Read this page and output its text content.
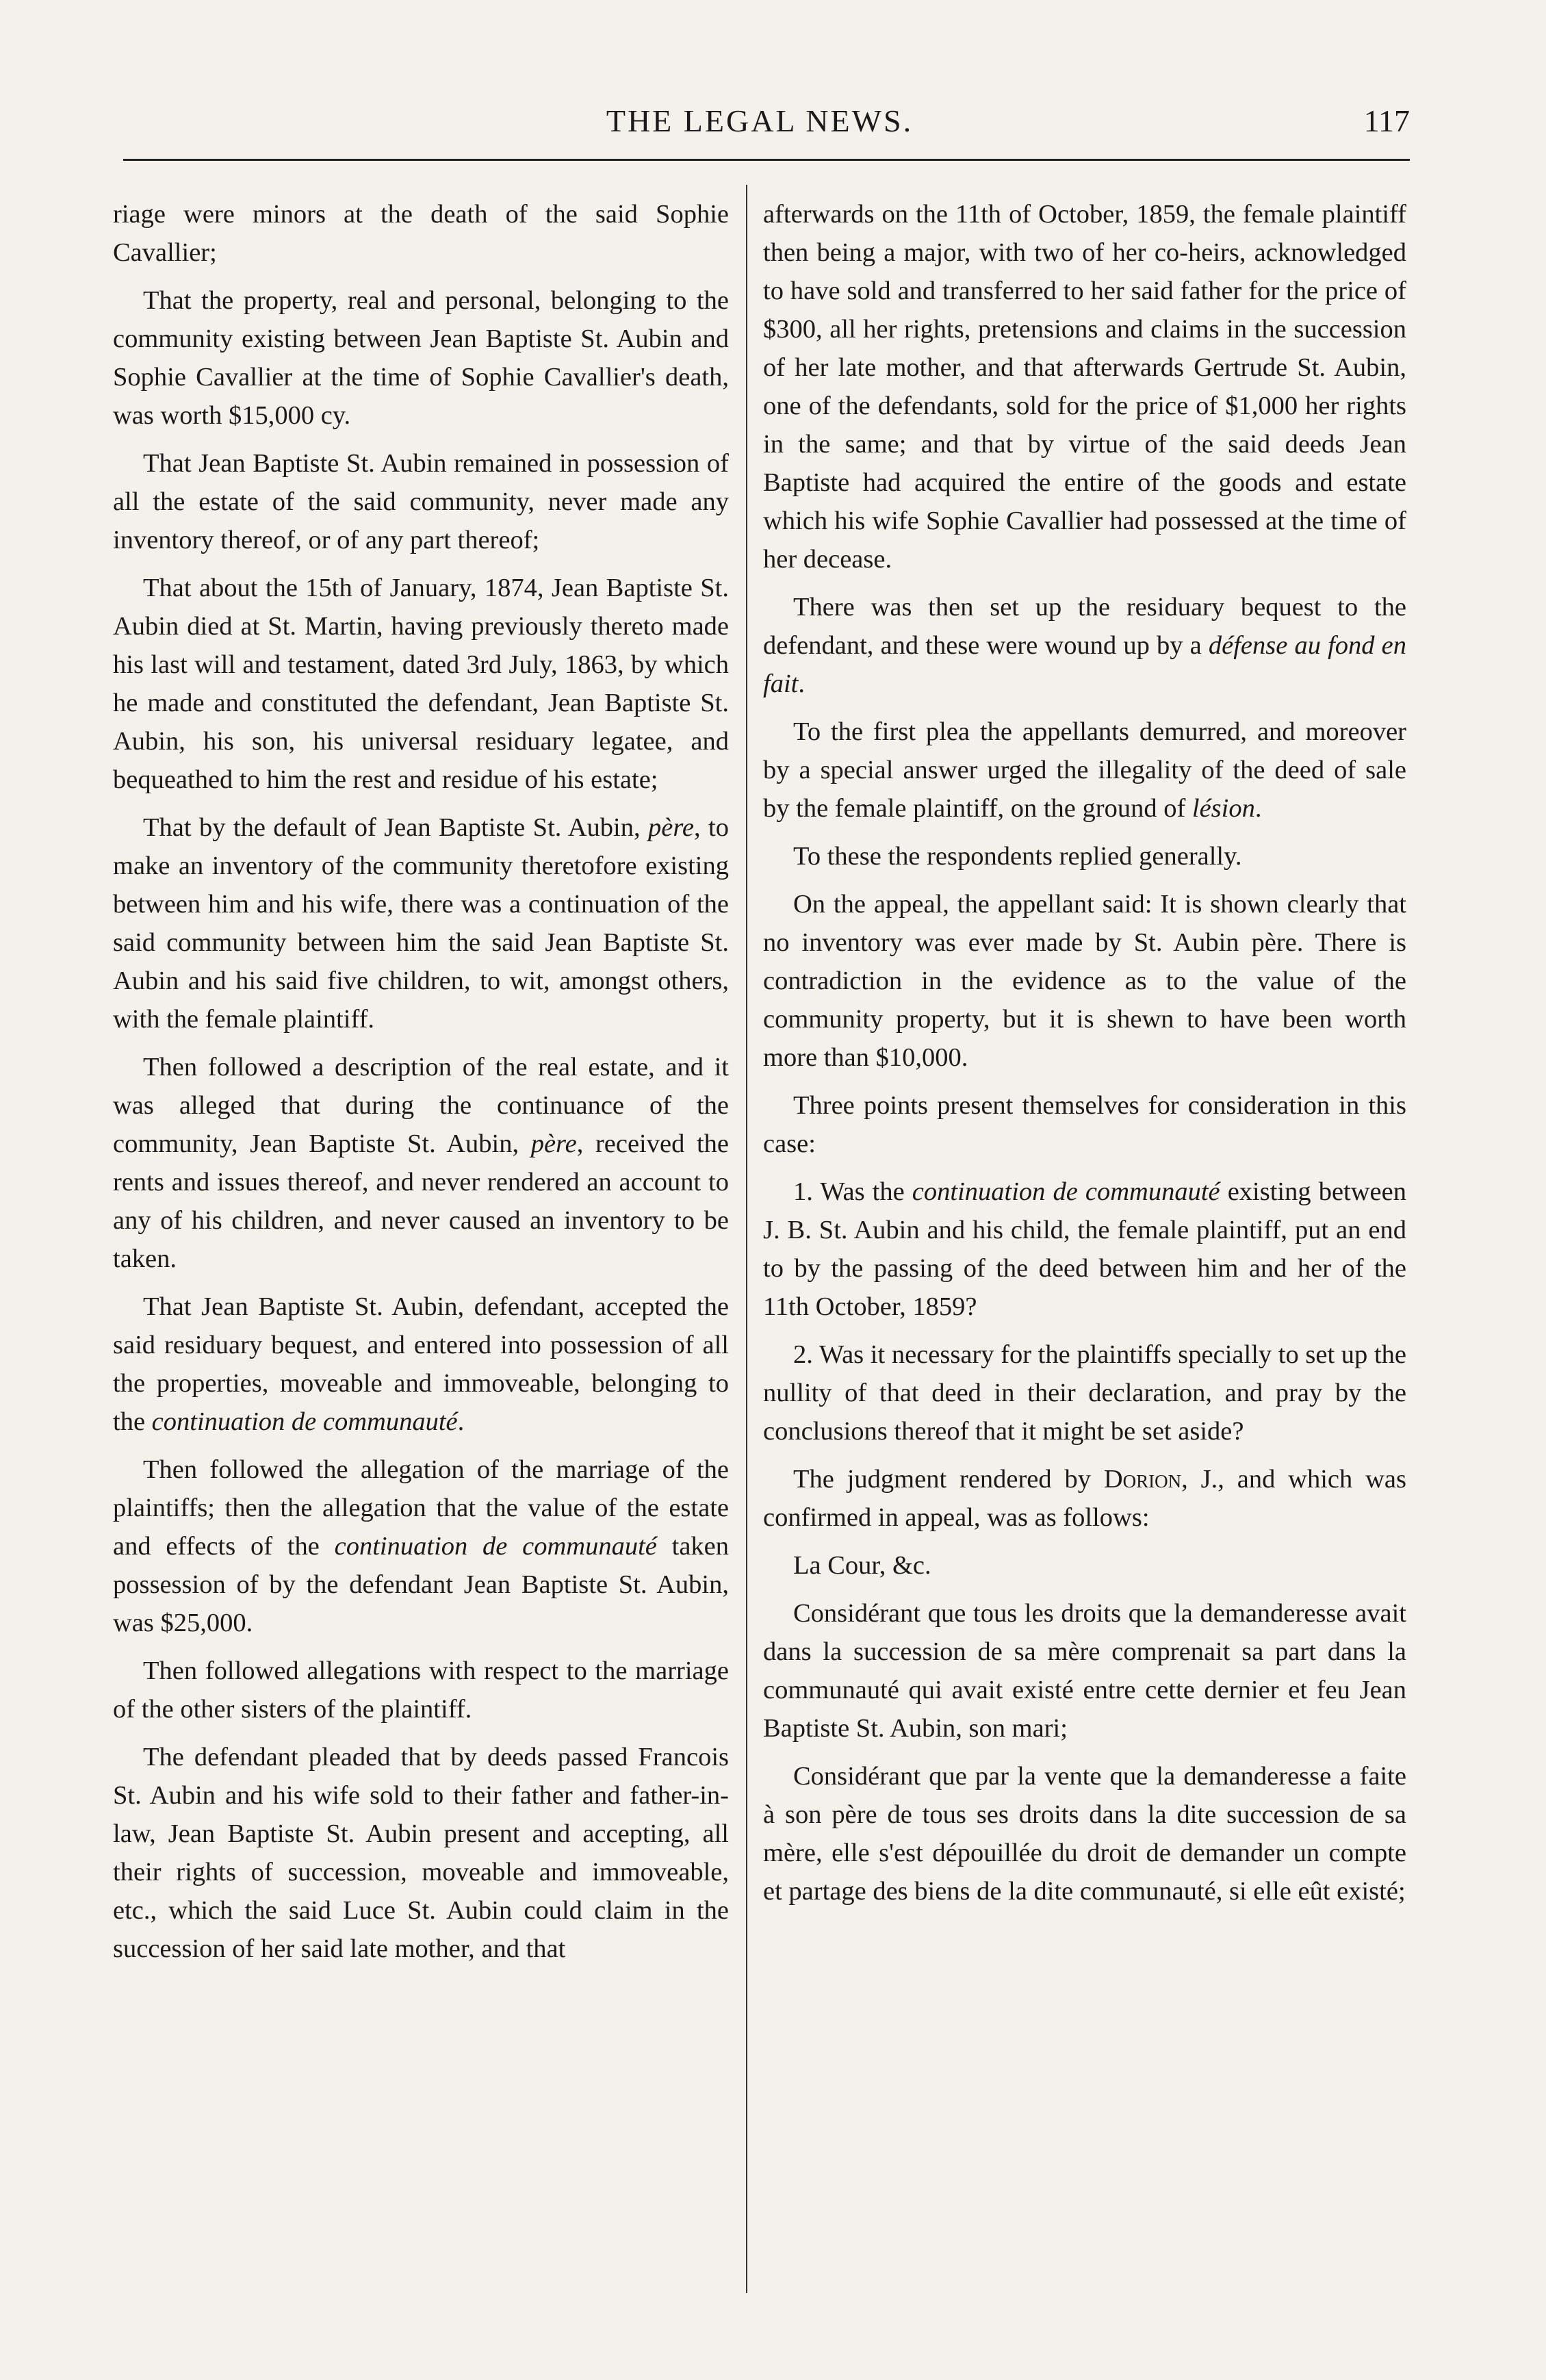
THE LEGAL NEWS.	117

riage were minors at the death of the said Sophie Cavallier;

That the property, real and personal, belonging to the community existing between Jean Baptiste St. Aubin and Sophie Cavallier at the time of Sophie Cavallier's death, was worth $15,000 cy.

That Jean Baptiste St. Aubin remained in possession of all the estate of the said community, never made any inventory thereof, or of any part thereof;

That about the 15th of January, 1874, Jean Baptiste St. Aubin died at St. Martin, having previously thereto made his last will and testament, dated 3rd July, 1863, by which he made and constituted the defendant, Jean Baptiste St. Aubin, his son, his universal residuary legatee, and bequeathed to him the rest and residue of his estate;

That by the default of Jean Baptiste St. Aubin, père, to make an inventory of the community theretofore existing between him and his wife, there was a continuation of the said community between him the said Jean Baptiste St. Aubin and his said five children, to wit, amongst others, with the female plaintiff.

Then followed a description of the real estate, and it was alleged that during the continuance of the community, Jean Baptiste St. Aubin, père, received the rents and issues thereof, and never rendered an account to any of his children, and never caused an inventory to be taken.

That Jean Baptiste St. Aubin, defendant, accepted the said residuary bequest, and entered into possession of all the properties, moveable and immoveable, belonging to the continuation de communauté.

Then followed the allegation of the marriage of the plaintiffs; then the allegation that the value of the estate and effects of the continuation de communauté taken possession of by the defendant Jean Baptiste St. Aubin, was $25,000.

Then followed allegations with respect to the marriage of the other sisters of the plaintiff.

The defendant pleaded that by deeds passed Francois St. Aubin and his wife sold to their father and father-in-law, Jean Baptiste St. Aubin present and accepting, all their rights of succession, moveable and immoveable, etc., which the said Luce St. Aubin could claim in the succession of her said late mother, and that

afterwards on the 11th of October, 1859, the female plaintiff then being a major, with two of her co-heirs, acknowledged to have sold and transferred to her said father for the price of $300, all her rights, pretensions and claims in the succession of her late mother, and that afterwards Gertrude St. Aubin, one of the defendants, sold for the price of $1,000 her rights in the same; and that by virtue of the said deeds Jean Baptiste had acquired the entire of the goods and estate which his wife Sophie Cavallier had possessed at the time of her decease.

There was then set up the residuary bequest to the defendant, and these were wound up by a défense au fond en fait.

To the first plea the appellants demurred, and moreover by a special answer urged the illegality of the deed of sale by the female plaintiff, on the ground of lésion.

To these the respondents replied generally.

On the appeal, the appellant said: It is shown clearly that no inventory was ever made by St. Aubin père. There is contradiction in the evidence as to the value of the community property, but it is shewn to have been worth more than $10,000.

Three points present themselves for consideration in this case:

1. Was the continuation de communauté existing between J. B. St. Aubin and his child, the female plaintiff, put an end to by the passing of the deed between him and her of the 11th October, 1859?

2. Was it necessary for the plaintiffs specially to set up the nullity of that deed in their declaration, and pray by the conclusions thereof that it might be set aside?

The judgment rendered by Dorion, J., and which was confirmed in appeal, was as follows:

La Cour, &c.

Considérant que tous les droits que la demanderesse avait dans la succession de sa mère comprenait sa part dans la communauté qui avait existé entre cette dernier et feu Jean Baptiste St. Aubin, son mari;

Considérant que par la vente que la demanderesse a faite à son père de tous ses droits dans la dite succession de sa mère, elle s'est dépouillée du droit de demander un compte et partage des biens de la dite communauté, si elle eût existé;
